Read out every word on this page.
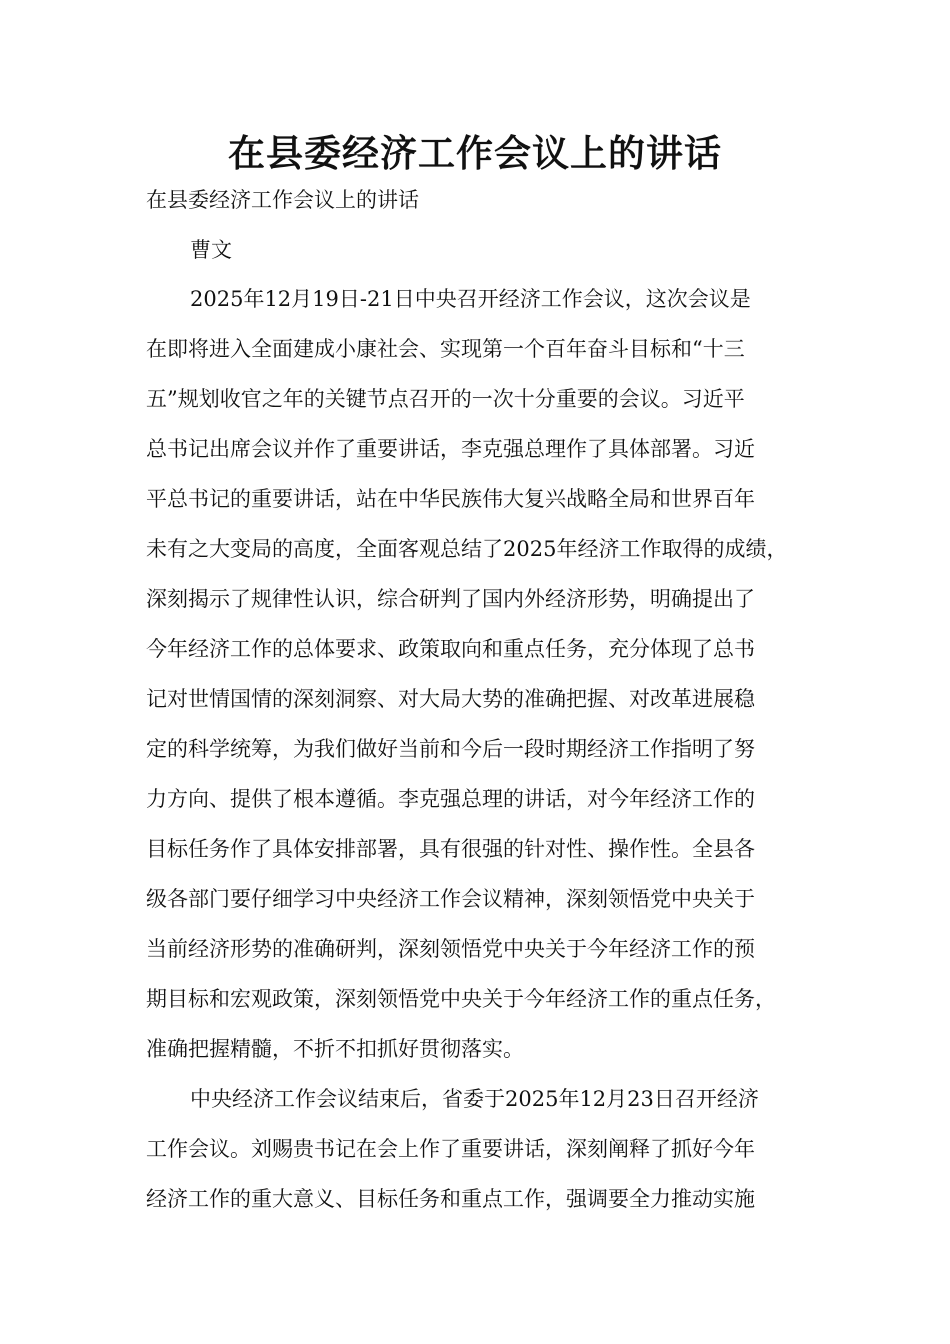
在县委经济工作会议上的讲话

在县委经济工作会议上的讲话

曹文

2025年12月19日-21日中央召开经济工作会议，这次会议是
在即将进入全面建成小康社会、实现第一个百年奋斗目标和“十三
五”规划收官之年的关键节点召开的一次十分重要的会议。习近平
总书记出席会议并作了重要讲话，李克强总理作了具体部署。习近
平总书记的重要讲话，站在中华民族伟大复兴战略全局和世界百年
未有之大变局的高度，全面客观总结了2025年经济工作取得的成绩，
深刻揭示了规律性认识，综合研判了国内外经济形势，明确提出了
今年经济工作的总体要求、政策取向和重点任务，充分体现了总书
记对世情国情的深刻洞察、对大局大势的准确把握、对改革进展稳
定的科学统筹，为我们做好当前和今后一段时期经济工作指明了努
力方向、提供了根本遵循。李克强总理的讲话，对今年经济工作的
目标任务作了具体安排部署，具有很强的针对性、操作性。全县各
级各部门要仔细学习中央经济工作会议精神，深刻领悟党中央关于
当前经济形势的准确研判，深刻领悟党中央关于今年经济工作的预
期目标和宏观政策，深刻领悟党中央关于今年经济工作的重点任务，
准确把握精髓，不折不扣抓好贯彻落实。
中央经济工作会议结束后，省委于2025年12月23日召开经济
工作会议。刘赐贵书记在会上作了重要讲话，深刻阐释了抓好今年
经济工作的重大意义、目标任务和重点工作，强调要全力推动实施
